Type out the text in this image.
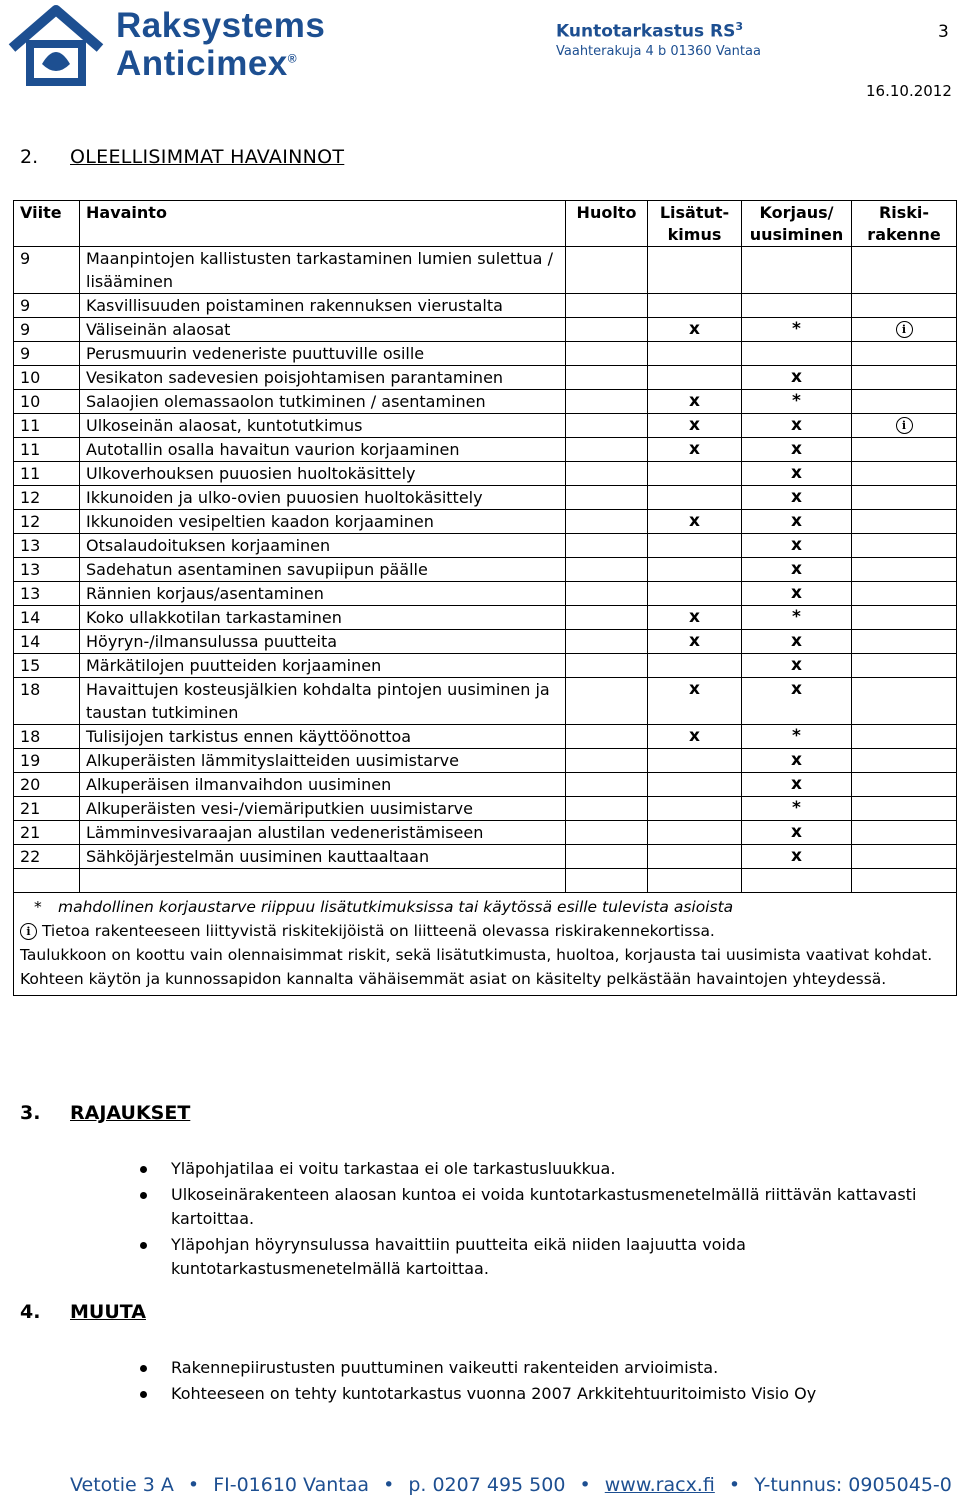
Raksystems
Anticimex®
Kuntotarkastus $RS^3$
Vaahterakuja 4 b 01360 Vantaa
3
16.10.2012
2. OLEELLISIMMAT HAVAINNOT
Viite	Havainto	Huolto	Lisätut-kimus	Korjaus/ uusiminen	Riski-rakenne
9	Maanpintojen kallistusten tarkastaminen lumien sulettua / lisääminen				
9	Kasvillisuuden poistaminen rakennuksen vierustalta				
9	Väliseinän alaosat		x	*	i
9	Perusmuurin vedeneriste puuttuville osille				
10	Vesikaton sadevesien poisjohtamisen parantaminen			x	
10	Salaojien olemassaolon tutkiminen / asentaminen		x	*	
11	Ulkoseinän alaosat, kuntotutkimus		x	x	i
11	Autotallin osalla havaitun vaurion korjaaminen		x	x	
11	Ulkoverhouksen puuosien huoltokäsittely			x	
12	Ikkunoiden ja ulko-ovien puuosien huoltokäsittely			x	
12	Ikkunoiden vesipeltien kaadon korjaaminen		x	x	
13	Otsalaudoituksen korjaaminen			x	
13	Sadehatun asentaminen savupiipun päälle			x	
13	Rännien korjaus/asentaminen			x	
14	Koko ullakkotilan tarkastaminen		x	*	
14	Höyryn-/ilmansulussa puutteita		x	x	
15	Märkätilojen puutteiden korjaaminen			x	
18	Havaittujen kosteusjälkien kohdalta pintojen uusiminen ja taustan tutkiminen		x	x	
18	Tulisijojen tarkistus ennen käyttöönottoa		x	*	
19	Alkuperäisten lämmityslaitteiden uusimistarve			x	
20	Alkuperäisen ilmanvaihdon uusiminen			x	
21	Alkuperäisten vesi-/viemäriputkien uusimistarve			*	
21	Lämminvesivaraajan alustilan vedeneristämiseen			x	
22	Sähköjärjestelmän uusiminen kauttaaltaan			x	

* mahdollinen korjaustarve riippuu lisätutkimuksissa tai käytössä esille tulevista asioista
i Tietoa rakenteeseen liittyvistä riskitekijöistä on liitteenä olevassa riskirakennekortissa.
Taulukkoon on koottu vain olennaisimmat riskit, sekä lisätutkimusta, huoltoa, korjausta tai uusimista vaativat kohdat. Kohteen käytön ja kunnossapidon kannalta vähäisemmät asiat on käsitelty pelkästään havaintojen yhteydessä.					
3. RAJAUKSET
Yläpohjatilaa ei voitu tarkastaa ei ole tarkastusluukkua.
Ulkoseinärakenteen alaosan kuntoa ei voida kuntotarkastusmenetelmällä riittävän kattavasti kartoittaa.
Yläpohjan höyrynsulussa havaittiin puutteita eikä niiden laajuutta voida kuntotarkastusmenetelmällä kartoittaa.
4. MUUTA
Rakennepiirustusten puuttuminen vaikeutti rakenteiden arvioimista.
Kohteeseen on tehty kuntotarkastus vuonna 2007 Arkkitehtuuritoimisto Visio Oy
Vetotie 3 A • FI-01610 Vantaa • p. 0207 495 500 • www.racx.fi • Y-tunnus: 0905045-0
